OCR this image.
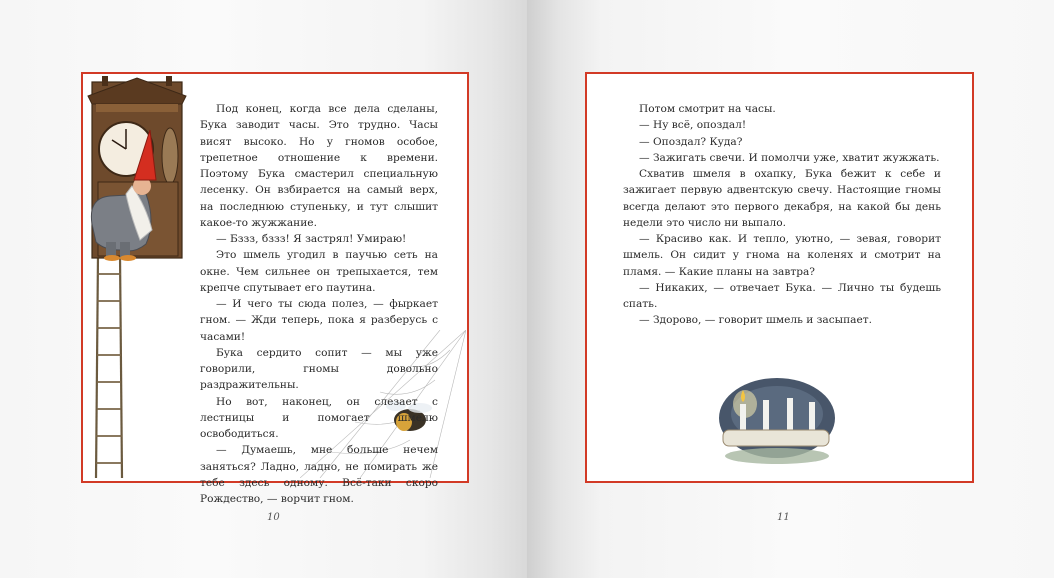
Под конец, когда все дела сделаны, Бука заводит часы. Это трудно. Часы висят высоко. Но у гномов особое, трепетное отношение к времени. Поэтому Бука смастерил специальную лесенку. Он взбирается на самый верх, на последнюю ступеньку, и тут слышит какое-то жужжание.

— Бззз, бззз! Я застрял! Умираю!

Это шмель угодил в паучью сеть на окне. Чем сильнее он трепыхается, тем крепче спутывает его паутина.

— И чего ты сюда полез, — фыркает гном. — Жди теперь, пока я разберусь с часами!

Бука сердито сопит — мы уже говорили, гномы довольно раздражительны.

Но вот, наконец, он слезает с лестницы и помогает шмелю освободиться.

— Думаешь, мне больше нечем заняться? Ладно, ладно, не помирать же тебе здесь одному. Всё-таки скоро Рождество, — ворчит гном.

Потом смотрит на часы.

— Ну всё, опоздал!

— Опоздал? Куда?

— Зажигать свечи. И помолчи уже, хватит жужжать.

Схватив шмеля в охапку, Бука бежит к себе и зажигает первую адвентскую свечу. Настоящие гномы всегда делают это первого декабря, на какой бы день недели это число ни выпало.

— Красиво как. И тепло, уютно, — зевая, говорит шмель. Он сидит у гнома на коленях и смотрит на пламя. — Какие планы на завтра?

— Никаких, — отвечает Бука. — Лично ты будешь спать.

— Здорово, — говорит шмель и засыпает.

10	11
